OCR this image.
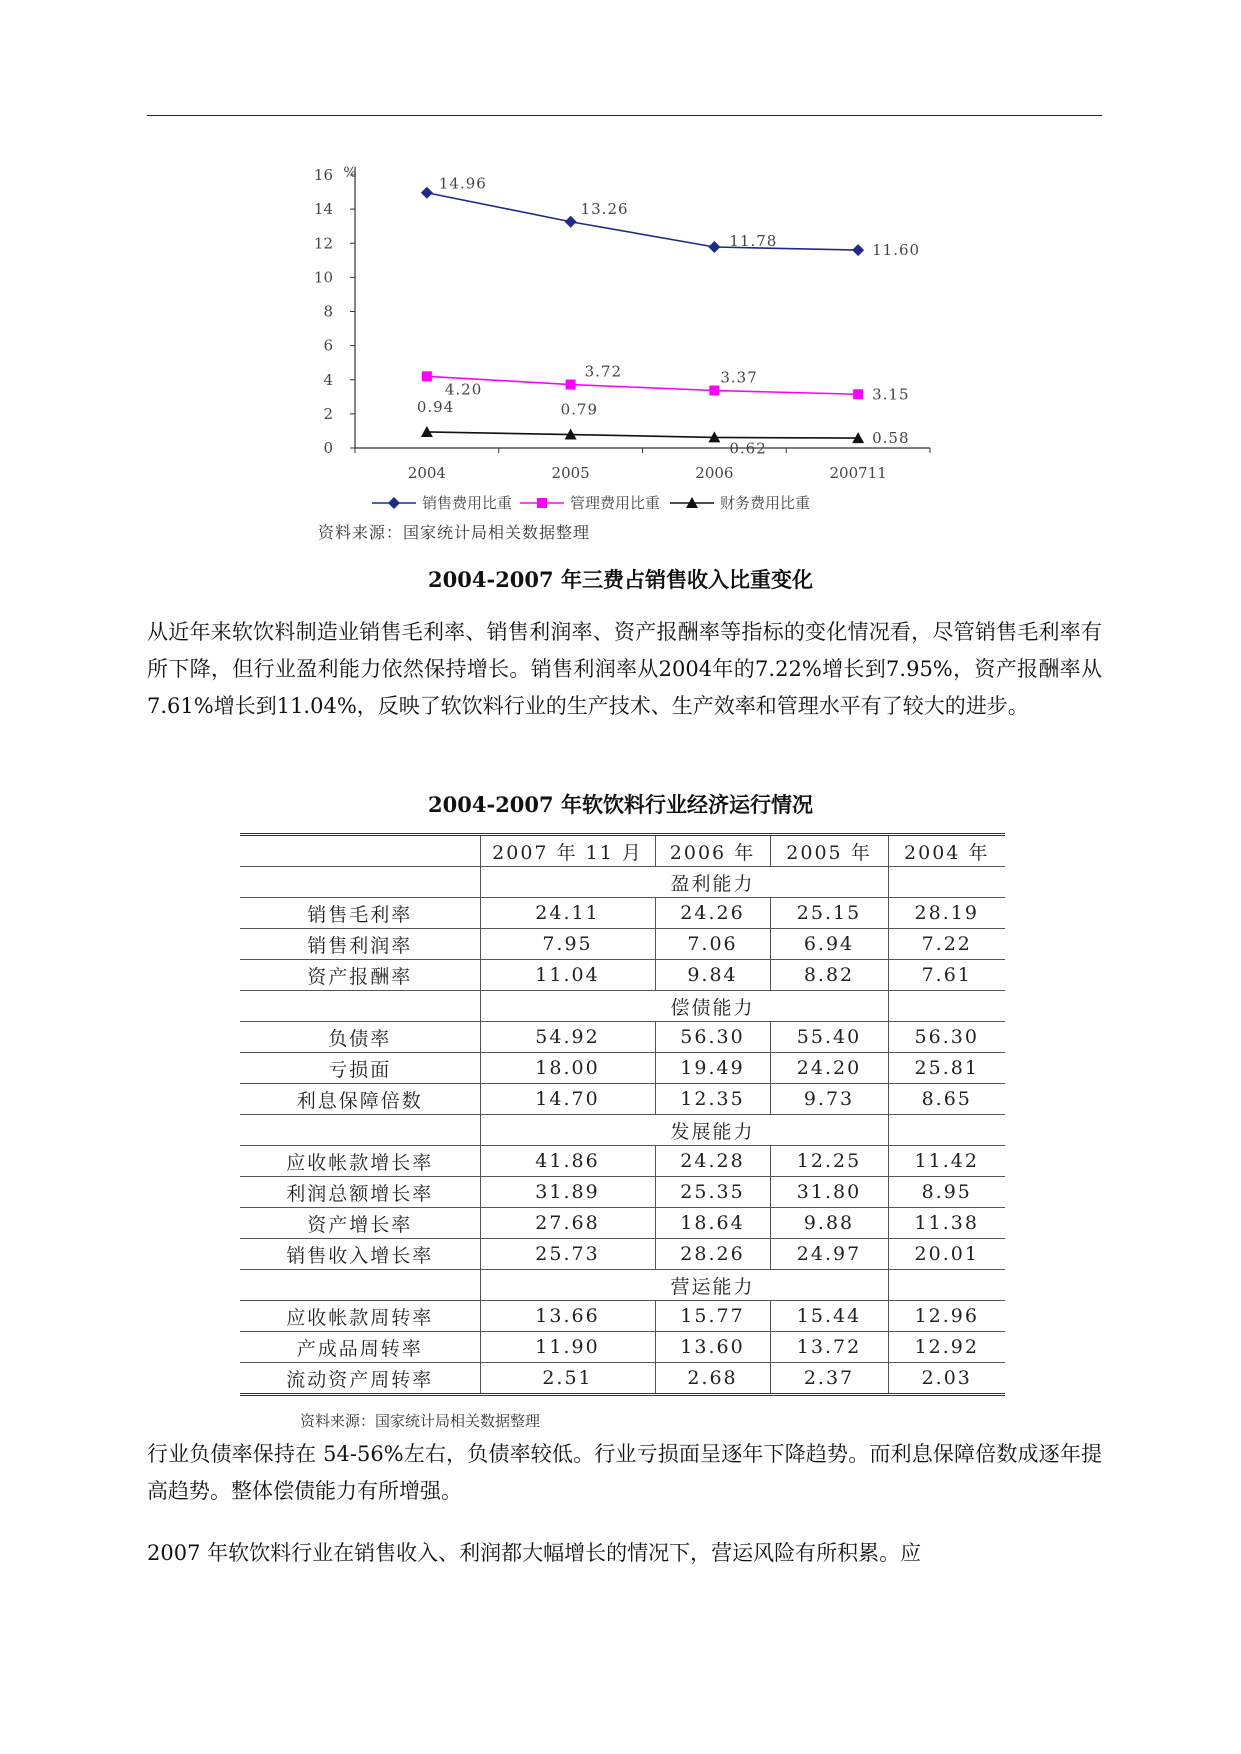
0
2
4
6
8
10
12
14
16 %
2004	2005	2006	200711
14.96
13.26
11.78
11.60
4.20
3.72	3.37
3.15
0.94	0.79
0.62
0.58
销售费用比重	管理费用比重	财务费用比重
资料来源：国家统计局相关数据整理
2004-2007 年三费占销售收入比重变化
从近年来软饮料制造业销售毛利率、销售利润率、资产报酬率等指标的变化情况看，尽管销售毛利率有所下降，但行业盈利能力依然保持增长。销售利润率从2004年的7.22%增长到7.95%，资产报酬率从7.61%增长到11.04%，反映了软饮料行业的生产技术、生产效率和管理水平有了较大的进步。
2004-2007 年软饮料行业经济运行情况
	2007 年 11 月	2006 年	2005 年	2004 年
		盈利能力		
销售毛利率	24.11	24.26	25.15	28.19
销售利润率	7.95	7.06	6.94	7.22
资产报酬率	11.04	9.84	8.82	7.61
		偿债能力		
负债率	54.92	56.30	55.40	56.30
亏损面	18.00	19.49	24.20	25.81
利息保障倍数	14.70	12.35	9.73	8.65
		发展能力		
应收帐款增长率	41.86	24.28	12.25	11.42
利润总额增长率	31.89	25.35	31.80	8.95
资产增长率	27.68	18.64	9.88	11.38
销售收入增长率	25.73	28.26	24.97	20.01
		营运能力		
应收帐款周转率	13.66	15.77	15.44	12.96
产成品周转率	11.90	13.60	13.72	12.92
流动资产周转率	2.51	2.68	2.37	2.03
资料来源：国家统计局相关数据整理
行业负债率保持在 54-56%左右，负债率较低。行业亏损面呈逐年下降趋势。而利息保障倍数成逐年提高趋势。整体偿债能力有所增强。
2007 年软饮料行业在销售收入、利润都大幅增长的情况下，营运风险有所积累。应
